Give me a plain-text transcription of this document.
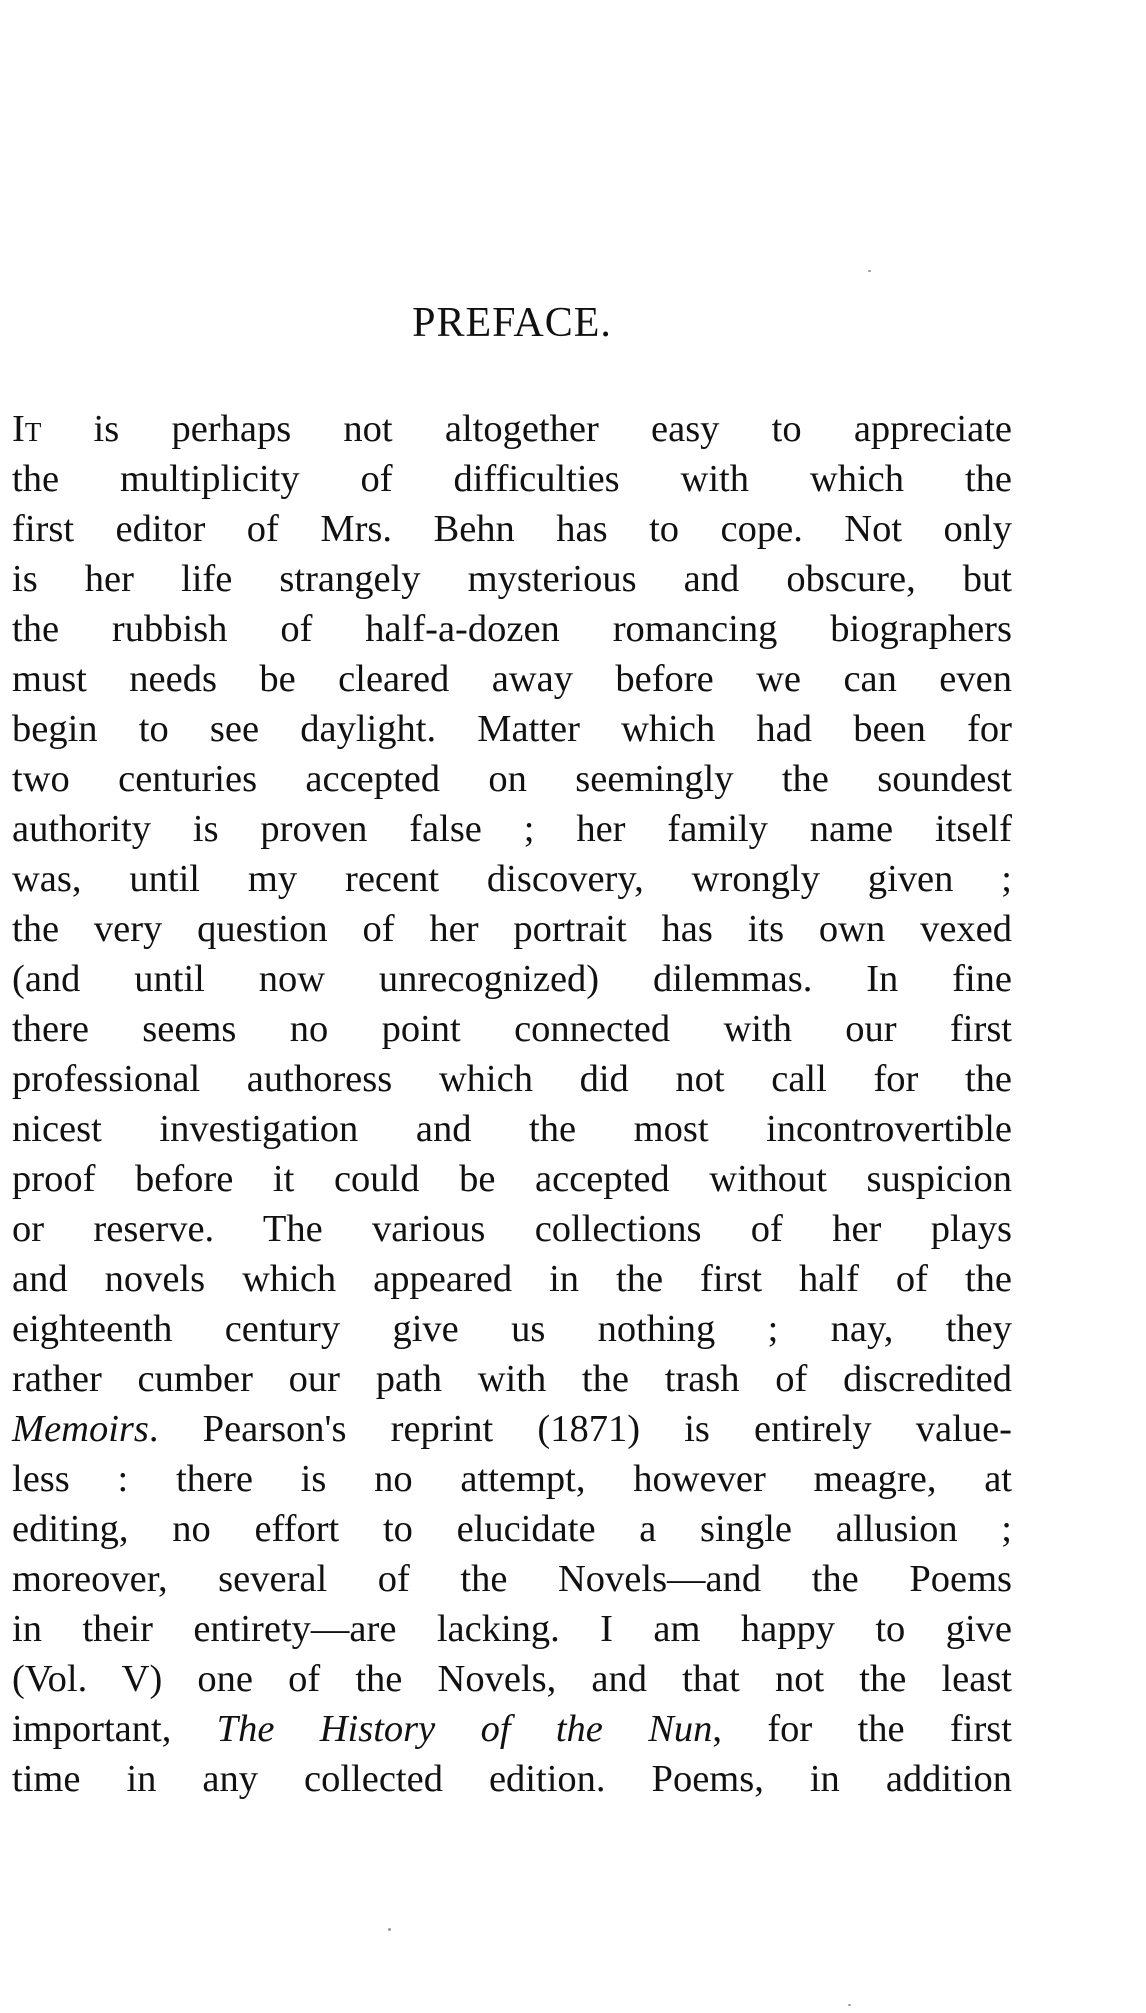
PREFACE.
It is perhaps not altogether easy to appreciate
the multiplicity of difficulties with which the
first editor of Mrs. Behn has to cope. Not only
is her life strangely mysterious and obscure, but
the rubbish of half-a-dozen romancing biographers
must needs be cleared away before we can even
begin to see daylight. Matter which had been for
two centuries accepted on seemingly the soundest
authority is proven false ; her family name itself
was, until my recent discovery, wrongly given ;
the very question of her portrait has its own vexed
(and until now unrecognized) dilemmas. In fine
there seems no point connected with our first
professional authoress which did not call for the
nicest investigation and the most incontrovertible
proof before it could be accepted without suspicion
or reserve. The various collections of her plays
and novels which appeared in the first half of the
eighteenth century give us nothing ; nay, they
rather cumber our path with the trash of discredited
Memoirs. Pearson's reprint (1871) is entirely value-
less : there is no attempt, however meagre, at
editing, no effort to elucidate a single allusion ;
moreover, several of the Novels—and the Poems
in their entirety—are lacking. I am happy to give
(Vol. V) one of the Novels, and that not the least
important, The History of the Nun, for the first
time in any collected edition. Poems, in addition
